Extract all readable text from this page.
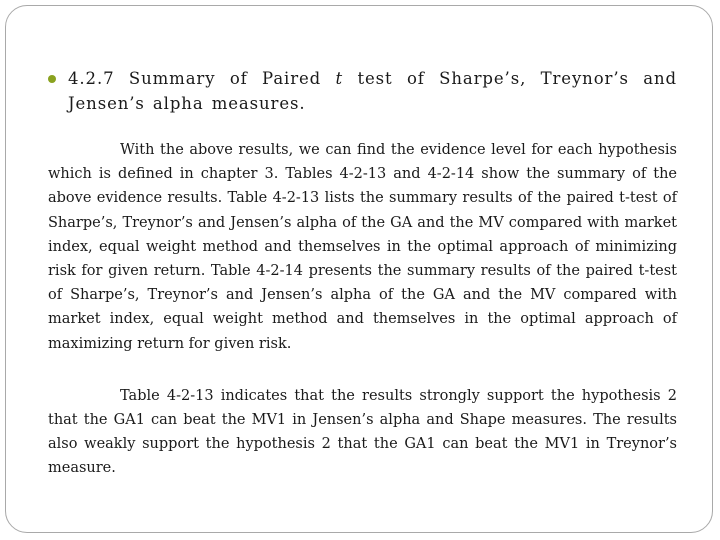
4.2.7 Summary of Paired t test of Sharpe’s, Treynor’s and Jensen’s alpha measures.

With the above results, we can find the evidence level for each hypothesis which is defined in chapter 3. Tables 4-2-13 and 4-2-14 show the summary of the above evidence results. Table 4-2-13 lists the summary results of the paired t-test of Sharpe’s, Treynor’s and Jensen’s alpha of the GA and the MV compared with market index, equal weight method and themselves in the optimal approach of minimizing risk for given return. Table 4-2-14 presents the summary results of the paired t-test of Sharpe’s, Treynor’s and Jensen’s alpha of the GA and the MV compared with market index, equal weight method and themselves in the optimal approach of maximizing return for given risk.

Table 4-2-13 indicates that the results strongly support the hypothesis 2 that the GA1 can beat the MV1 in Jensen’s alpha and Shape measures. The results also weakly support the hypothesis 2 that the GA1 can beat the MV1 in Treynor’s measure.
